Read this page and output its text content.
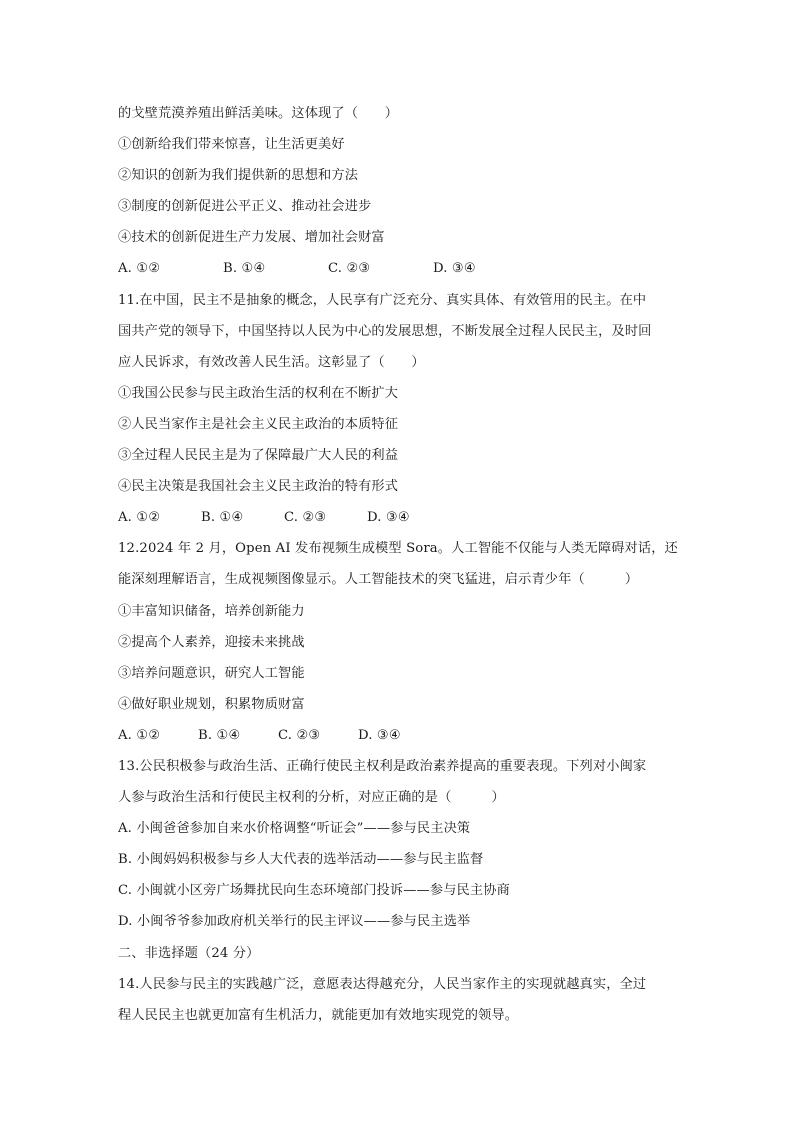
的戈壁荒漠养殖出鲜活美味。这体现了（　　）
①创新给我们带来惊喜，让生活更美好
②知识的创新为我们提供新的思想和方法
③制度的创新促进公平正义、推动社会进步
④技术的创新促进生产力发展、增加社会财富
A. ①②	B. ①④	C. ②③	D. ③④
11.在中国，民主不是抽象的概念，人民享有广泛充分、真实具体、有效管用的民主。在中
国共产党的领导下，中国坚持以人民为中心的发展思想，不断发展全过程人民民主，及时回
应人民诉求，有效改善人民生活。这彰显了（　　）
①我国公民参与民主政治生活的权利在不断扩大
②人民当家作主是社会主义民主政治的本质特征
③全过程人民民主是为了保障最广大人民的利益
④民主决策是我国社会主义民主政治的特有形式
A. ①②	B. ①④	C. ②③	D. ③④
12.2024 年 2 月，Open AI 发布视频生成模型 Sora。人工智能不仅能与人类无障碍对话，还
能深刻理解语言，生成视频图像显示。人工智能技术的突飞猛进，启示青少年（　　　）
①丰富知识储备，培养创新能力
②提高个人素养，迎接未来挑战
③培养问题意识，研究人工智能
④做好职业规划，积累物质财富
A. ①②	B. ①④	C. ②③	D. ③④
13.公民积极参与政治生活、正确行使民主权利是政治素养提高的重要表现。下列对小闽家
人参与政治生活和行使民主权利的分析，对应正确的是（　　　）
A. 小闽爸爸参加自来水价格调整“听证会”——参与民主决策
B. 小闽妈妈积极参与乡人大代表的选举活动——参与民主监督
C. 小闽就小区旁广场舞扰民向生态环境部门投诉——参与民主协商
D. 小闽爷爷参加政府机关举行的民主评议——参与民主选举
二、非选择题（24 分）
14.人民参与民主的实践越广泛，意愿表达得越充分，人民当家作主的实现就越真实，全过
程人民民主也就更加富有生机活力，就能更加有效地实现党的领导。
